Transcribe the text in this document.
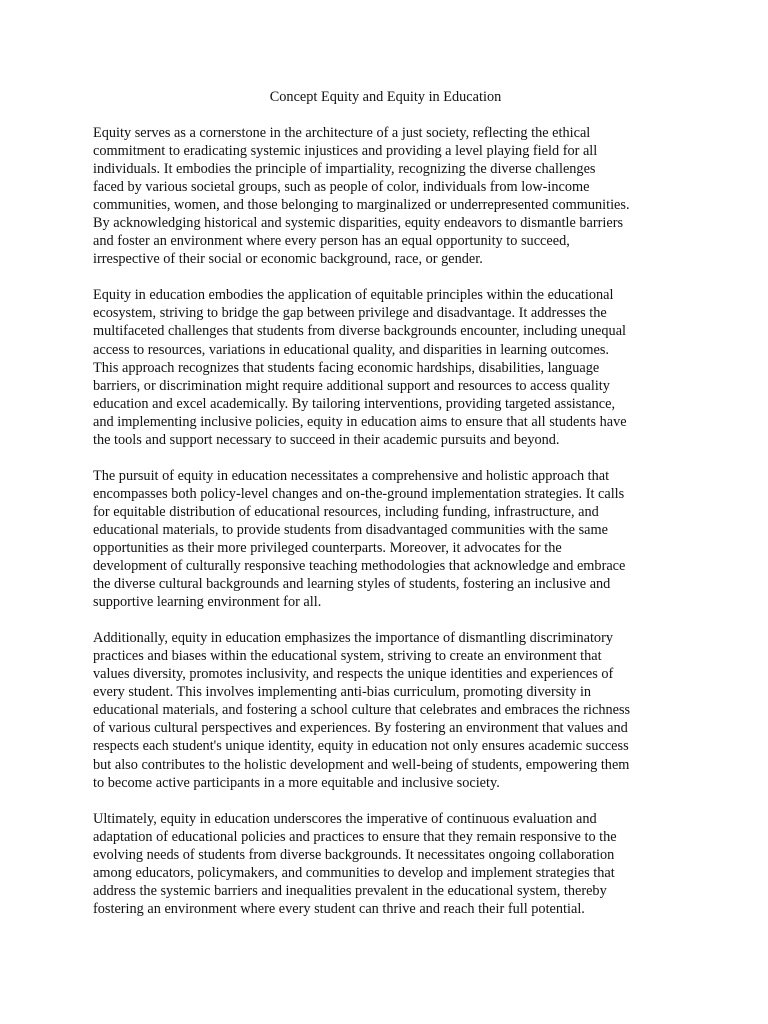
Concept Equity and Equity in Education

Equity serves as a cornerstone in the architecture of a just society, reflecting the ethical
commitment to eradicating systemic injustices and providing a level playing field for all
individuals. It embodies the principle of impartiality, recognizing the diverse challenges
faced by various societal groups, such as people of color, individuals from low-income
communities, women, and those belonging to marginalized or underrepresented communities.
By acknowledging historical and systemic disparities, equity endeavors to dismantle barriers
and foster an environment where every person has an equal opportunity to succeed,
irrespective of their social or economic background, race, or gender.

Equity in education embodies the application of equitable principles within the educational
ecosystem, striving to bridge the gap between privilege and disadvantage. It addresses the
multifaceted challenges that students from diverse backgrounds encounter, including unequal
access to resources, variations in educational quality, and disparities in learning outcomes.
This approach recognizes that students facing economic hardships, disabilities, language
barriers, or discrimination might require additional support and resources to access quality
education and excel academically. By tailoring interventions, providing targeted assistance,
and implementing inclusive policies, equity in education aims to ensure that all students have
the tools and support necessary to succeed in their academic pursuits and beyond.

The pursuit of equity in education necessitates a comprehensive and holistic approach that
encompasses both policy-level changes and on-the-ground implementation strategies. It calls
for equitable distribution of educational resources, including funding, infrastructure, and
educational materials, to provide students from disadvantaged communities with the same
opportunities as their more privileged counterparts. Moreover, it advocates for the
development of culturally responsive teaching methodologies that acknowledge and embrace
the diverse cultural backgrounds and learning styles of students, fostering an inclusive and
supportive learning environment for all.

Additionally, equity in education emphasizes the importance of dismantling discriminatory
practices and biases within the educational system, striving to create an environment that
values diversity, promotes inclusivity, and respects the unique identities and experiences of
every student. This involves implementing anti-bias curriculum, promoting diversity in
educational materials, and fostering a school culture that celebrates and embraces the richness
of various cultural perspectives and experiences. By fostering an environment that values and
respects each student's unique identity, equity in education not only ensures academic success
but also contributes to the holistic development and well-being of students, empowering them
to become active participants in a more equitable and inclusive society.

Ultimately, equity in education underscores the imperative of continuous evaluation and
adaptation of educational policies and practices to ensure that they remain responsive to the
evolving needs of students from diverse backgrounds. It necessitates ongoing collaboration
among educators, policymakers, and communities to develop and implement strategies that
address the systemic barriers and inequalities prevalent in the educational system, thereby
fostering an environment where every student can thrive and reach their full potential.
